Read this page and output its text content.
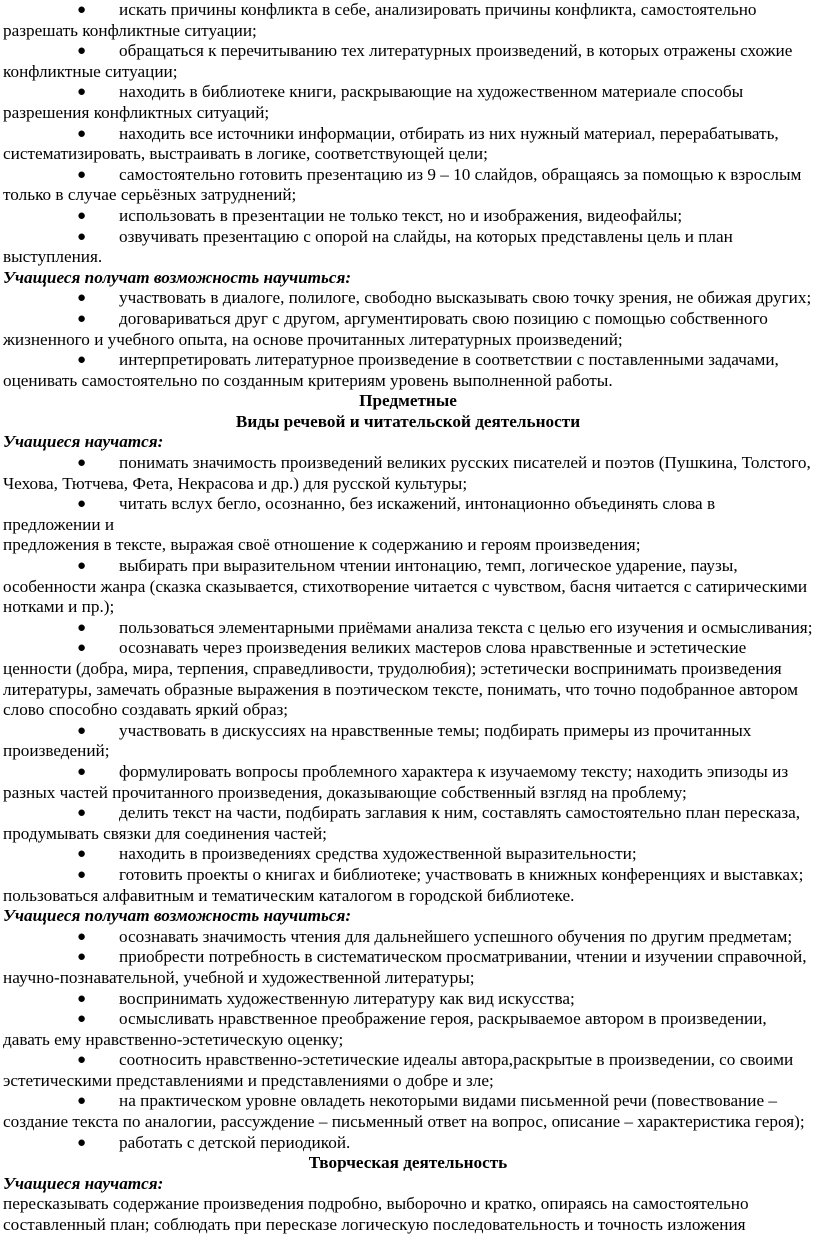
● искать причины конфликта в себе, анализировать причины конфликта, самостоятельно разрешать конфликтные ситуации;
● обращаться к перечитыванию тех литературных произведений, в которых отражены схожие конфликтные ситуации;
● находить в библиотеке книги, раскрывающие на художественном материале способы разрешения конфликтных ситуаций;
● находить все источники информации, отбирать из них нужный материал, перерабатывать, систематизировать, выстраивать в логике, соответствующей цели;
● самостоятельно готовить презентацию из 9 – 10 слайдов, обращаясь за помощью к взрослым только в случае серьёзных затруднений;
● использовать в презентации не только текст, но и изображения, видеофайлы;
● озвучивать презентацию с опорой на слайды, на которых представлены цель и план выступления.
Учащиеся получат возможность научиться:
● участвовать в диалоге, полилоге, свободно высказывать свою точку зрения, не обижая других;
● договариваться друг с другом, аргументировать свою позицию с помощью собственного жизненного и учебного опыта, на основе прочитанных литературных произведений;
● интерпретировать литературное произведение в соответствии с поставленными задачами, оценивать самостоятельно по созданным критериям уровень выполненной работы.
Предметные
Виды речевой и читательской деятельности
Учащиеся научатся:
● понимать значимость произведений великих русских писателей и поэтов (Пушкина, Толстого, Чехова, Тютчева, Фета, Некрасова и др.) для русской культуры;
● читать вслух бегло, осознанно, без искажений, интонационно объединять слова в предложении и
предложения в тексте, выражая своё отношение к содержанию и героям произведения;
● выбирать при выразительном чтении интонацию, темп, логическое ударение, паузы, особенности жанра (сказка сказывается, стихотворение читается с чувством, басня читается с сатирическими нотками и пр.);
● пользоваться элементарными приёмами анализа текста с целью его изучения и осмысливания;
● осознавать через произведения великих мастеров слова нравственные и эстетические ценности (добра, мира, терпения, справедливости, трудолюбия); эстетически воспринимать произведения литературы, замечать образные выражения в поэтическом тексте, понимать, что точно подобранное автором слово способно создавать яркий образ;
● участвовать в дискуссиях на нравственные темы; подбирать примеры из прочитанных произведений;
● формулировать вопросы проблемного характера к изучаемому тексту; находить эпизоды из разных частей прочитанного произведения, доказывающие собственный взгляд на проблему;
● делить текст на части, подбирать заглавия к ним, составлять самостоятельно план пересказа, продумывать связки для соединения частей;
● находить в произведениях средства художественной выразительности;
● готовить проекты о книгах и библиотеке; участвовать в книжных конференциях и выставках; пользоваться алфавитным и тематическим каталогом в городской библиотеке.
Учащиеся получат возможность научиться:
● осознавать значимость чтения для дальнейшего успешного обучения по другим предметам;
● приобрести потребность в систематическом просматривании, чтении и изучении справочной, научно-познавательной, учебной и художественной литературы;
● воспринимать художественную литературу как вид искусства;
● осмысливать нравственное преображение героя, раскрываемое автором в произведении, давать ему нравственно-эстетическую оценку;
● соотносить нравственно-эстетические идеалы автора,раскрытые в произведении, со своими эстетическими представлениями и представлениями о добре и зле;
● на практическом уровне овладеть некоторыми видами письменной речи (повествование – создание текста по аналогии, рассуждение – письменный ответ на вопрос, описание – характеристика героя);
● работать с детской периодикой.
Творческая деятельность
Учащиеся научатся:
пересказывать содержание произведения подробно, выборочно и кратко, опираясь на самостоятельно составленный план; соблюдать при пересказе логическую последовательность и точность изложения
